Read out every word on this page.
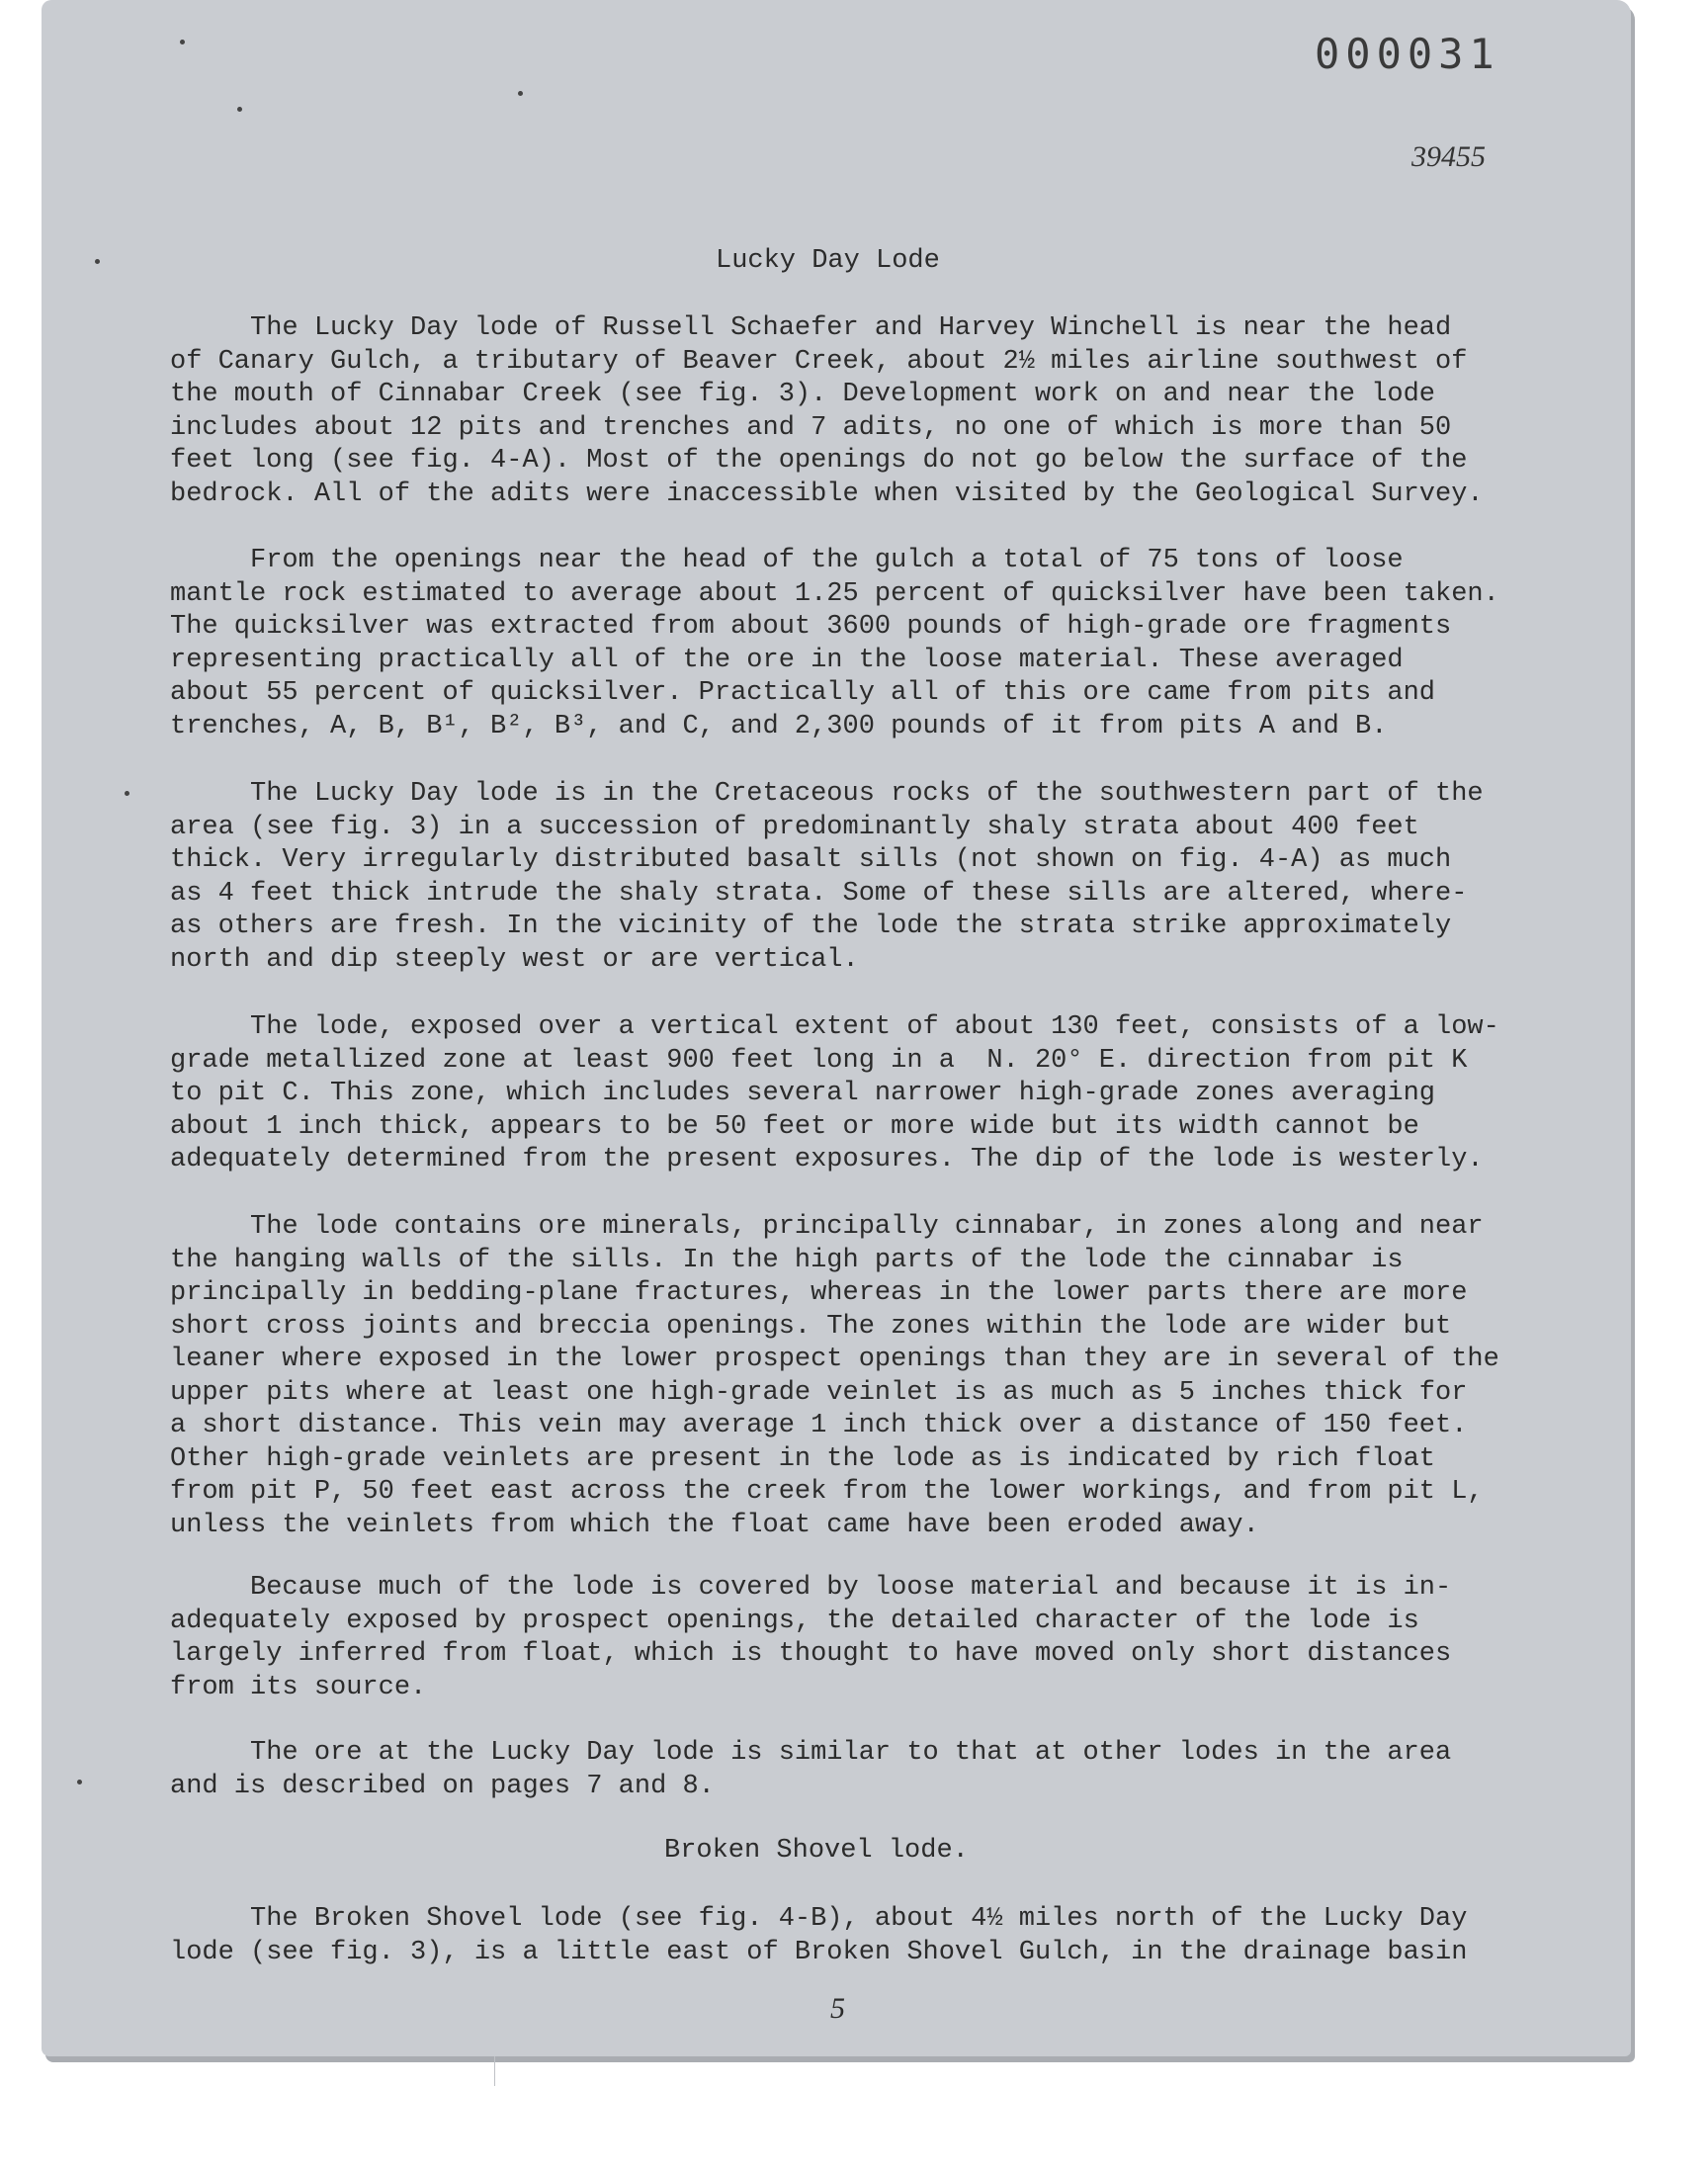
000031
39455
Lucky Day Lode

The Lucky Day lode of Russell Schaefer and Harvey Winchell is near the head
of Canary Gulch, a tributary of Beaver Creek, about 2½ miles airline southwest of
the mouth of Cinnabar Creek (see fig. 3). Development work on and near the lode
includes about 12 pits and trenches and 7 adits, no one of which is more than 50
feet long (see fig. 4-A). Most of the openings do not go below the surface of the
bedrock. All of the adits were inaccessible when visited by the Geological Survey.

From the openings near the head of the gulch a total of 75 tons of loose
mantle rock estimated to average about 1.25 percent of quicksilver have been taken.
The quicksilver was extracted from about 3600 pounds of high-grade ore fragments
representing practically all of the ore in the loose material. These averaged
about 55 percent of quicksilver. Practically all of this ore came from pits and
trenches, A, B, B¹, B², B³, and C, and 2,300 pounds of it from pits A and B.

The Lucky Day lode is in the Cretaceous rocks of the southwestern part of the
area (see fig. 3) in a succession of predominantly shaly strata about 400 feet
thick. Very irregularly distributed basalt sills (not shown on fig. 4-A) as much
as 4 feet thick intrude the shaly strata. Some of these sills are altered, where-
as others are fresh. In the vicinity of the lode the strata strike approximately
north and dip steeply west or are vertical.

The lode, exposed over a vertical extent of about 130 feet, consists of a low-
grade metallized zone at least 900 feet long in a  N. 20° E. direction from pit K
to pit C. This zone, which includes several narrower high-grade zones averaging
about 1 inch thick, appears to be 50 feet or more wide but its width cannot be
adequately determined from the present exposures. The dip of the lode is westerly.

The lode contains ore minerals, principally cinnabar, in zones along and near
the hanging walls of the sills. In the high parts of the lode the cinnabar is
principally in bedding-plane fractures, whereas in the lower parts there are more
short cross joints and breccia openings. The zones within the lode are wider but
leaner where exposed in the lower prospect openings than they are in several of the
upper pits where at least one high-grade veinlet is as much as 5 inches thick for
a short distance. This vein may average 1 inch thick over a distance of 150 feet.
Other high-grade veinlets are present in the lode as is indicated by rich float
from pit P, 50 feet east across the creek from the lower workings, and from pit L,
unless the veinlets from which the float came have been eroded away.

Because much of the lode is covered by loose material and because it is in-
adequately exposed by prospect openings, the detailed character of the lode is
largely inferred from float, which is thought to have moved only short distances
from its source.

The ore at the Lucky Day lode is similar to that at other lodes in the area
and is described on pages 7 and 8.

Broken Shovel lode.

The Broken Shovel lode (see fig. 4-B), about 4½ miles north of the Lucky Day
lode (see fig. 3), is a little east of Broken Shovel Gulch, in the drainage basin

5
